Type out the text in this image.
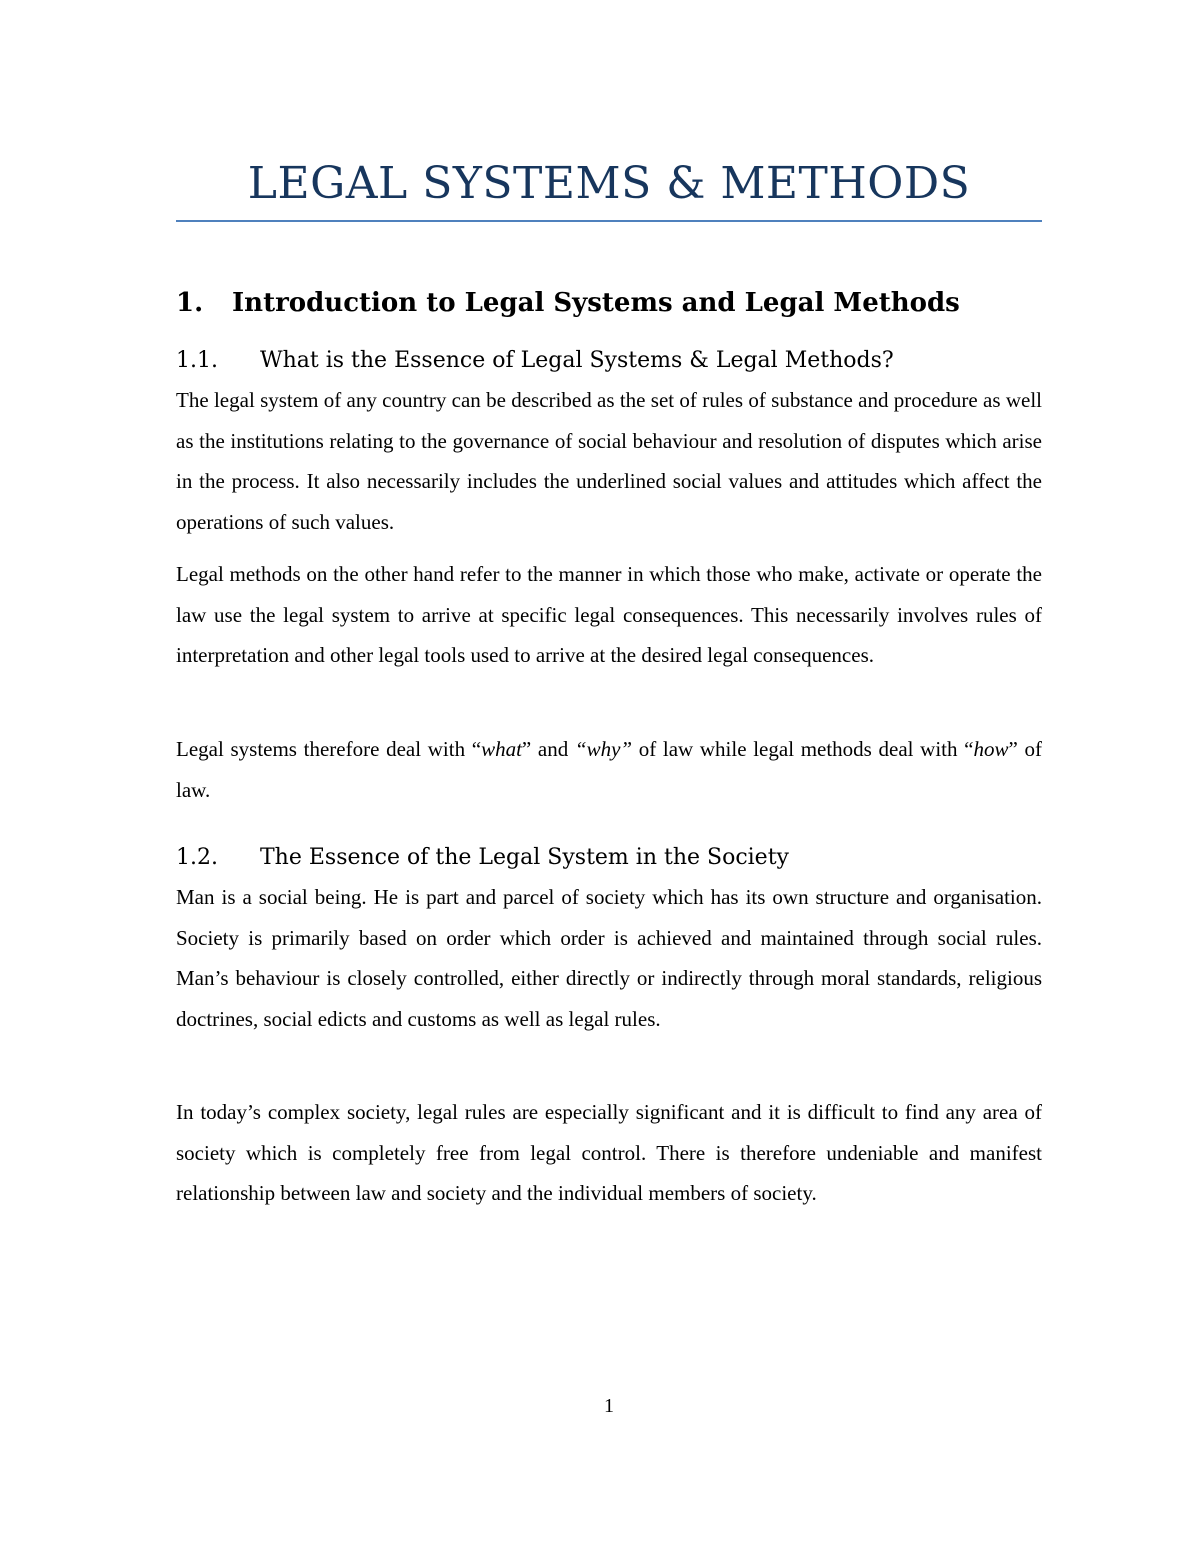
LEGAL SYSTEMS & METHODS
1. Introduction to Legal Systems and Legal Methods
1.1. What is the Essence of Legal Systems & Legal Methods?

The legal system of any country can be described as the set of rules of substance and procedure as well as the institutions relating to the governance of social behaviour and resolution of disputes which arise in the process. It also necessarily includes the underlined social values and attitudes which affect the operations of such values.

Legal methods on the other hand refer to the manner in which those who make, activate or operate the law use the legal system to arrive at specific legal consequences. This necessarily involves rules of interpretation and other legal tools used to arrive at the desired legal consequences.

Legal systems therefore deal with “what” and “why” of law while legal methods deal with “how” of law.

1.2. The Essence of the Legal System in the Society

Man is a social being. He is part and parcel of society which has its own structure and organisation. Society is primarily based on order which order is achieved and maintained through social rules. Man’s behaviour is closely controlled, either directly or indirectly through moral standards, religious doctrines, social edicts and customs as well as legal rules.

In today’s complex society, legal rules are especially significant and it is difficult to find any area of society which is completely free from legal control. There is therefore undeniable and manifest relationship between law and society and the individual members of society.

1
